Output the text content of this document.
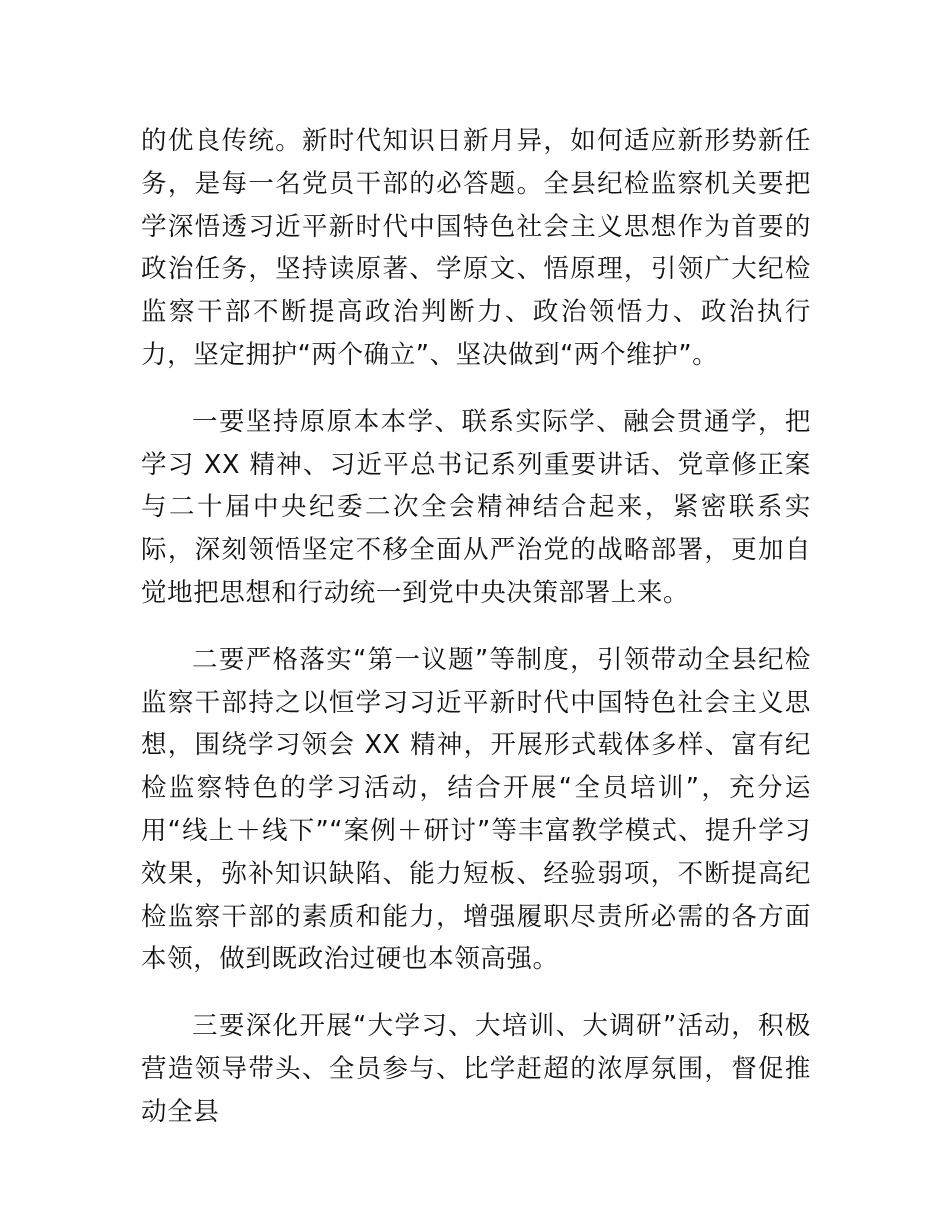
的优良传统。新时代知识日新月异，如何适应新形势新任务，是每一名党员干部的必答题。全县纪检监察机关要把学深悟透习近平新时代中国特色社会主义思想作为首要的政治任务，坚持读原著、学原文、悟原理，引领广大纪检监察干部不断提高政治判断力、政治领悟力、政治执行力，坚定拥护“两个确立”、坚决做到“两个维护”。

一要坚持原原本本学、联系实际学、融会贯通学，把学习 XX 精神、习近平总书记系列重要讲话、党章修正案与二十届中央纪委二次全会精神结合起来，紧密联系实际，深刻领悟坚定不移全面从严治党的战略部署，更加自觉地把思想和行动统一到党中央决策部署上来。

二要严格落实“第一议题”等制度，引领带动全县纪检监察干部持之以恒学习习近平新时代中国特色社会主义思想，围绕学习领会 XX 精神，开展形式载体多样、富有纪检监察特色的学习活动，结合开展“全员培训”，充分运用“线上＋线下”“案例＋研讨”等丰富教学模式、提升学习效果，弥补知识缺陷、能力短板、经验弱项，不断提高纪检监察干部的素质和能力，增强履职尽责所必需的各方面本领，做到既政治过硬也本领高强。

三要深化开展“大学习、大培训、大调研”活动，积极营造领导带头、全员参与、比学赶超的浓厚氛围，督促推动全县
